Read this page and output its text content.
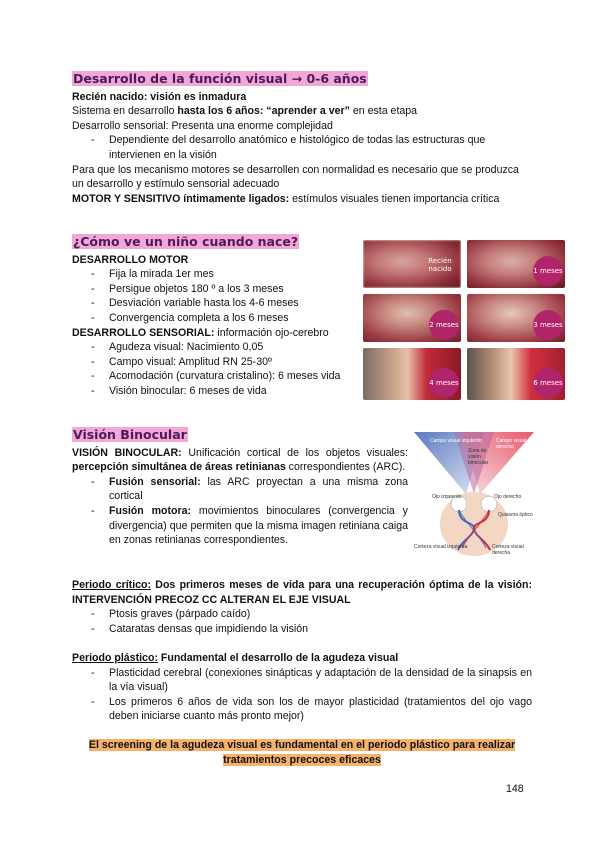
Desarrollo de la función visual → 0-6 años

Recién nacido: visión es inmadura

Sistema en desarrollo hasta los 6 años: “aprender a ver” en esta etapa

Desarrollo sensorial: Presenta una enorme complejidad

- Dependiente del desarrollo anatómico e histológico de todas las estructuras que intervienen en la visión

Para que los mecanismo motores se desarrollen con normalidad es necesario que se produzca un desarrollo y estímulo sensorial adecuado

MOTOR Y SENSITIVO íntimamente ligados: estímulos visuales tienen importancia crítica

¿Cómo ve un niño cuando nace?

DESARROLLO MOTOR

- Fija la mirada 1er mes
- Persigue objetos 180 º a los 3 meses
- Desviación variable hasta los 4-6 meses
- Convergencia completa a los 6 meses

DESARROLLO SENSORIAL: información ojo-cerebro

- Agudeza visual: Nacimiento 0,05
- Campo visual: Amplitud RN 25-30º
- Acomodación (curvatura cristalino): 6 meses vida
- Visión binocular: 6 meses de vida
Recién nacido	1 meses
2 meses	3 meses
4 meses	6 meses

Visión Binocular

VISIÓN BINOCULAR: Unificación cortical de los objetos visuales: percepción simultánea de áreas retinianas correspondientes (ARC).

- Fusión sensorial: las ARC proyectan a una misma zona cortical
- Fusión motora: movimientos binoculares (convergencia y divergencia) que permiten que la misma imagen retiniana caiga en zonas retinianas correspondientes.
Campo visual izquierdo	Campo visual derecho
Zona de visión binocular
Ojo izquierdo	Ojo derecho
Quiasma óptico
Corteza visual izquierda	Corteza visual derecha

Periodo crítico: Dos primeros meses de vida para una recuperación óptima de la visión: INTERVENCIÓN PRECOZ CC ALTERAN EL EJE VISUAL

- Ptosis graves (párpado caído)
- Cataratas densas que impidiendo la visión

Periodo plástico: Fundamental el desarrollo de la agudeza visual

- Plasticidad cerebral (conexiones sinápticas y adaptación de la densidad de la sinapsis en la vía visual)
- Los primeros 6 años de vida son los de mayor plasticidad (tratamientos del ojo vago deben iniciarse cuanto más pronto mejor)

El screening de la agudeza visual es fundamental en el periodo plástico para realizar

tratamientos precoces eficaces

148
